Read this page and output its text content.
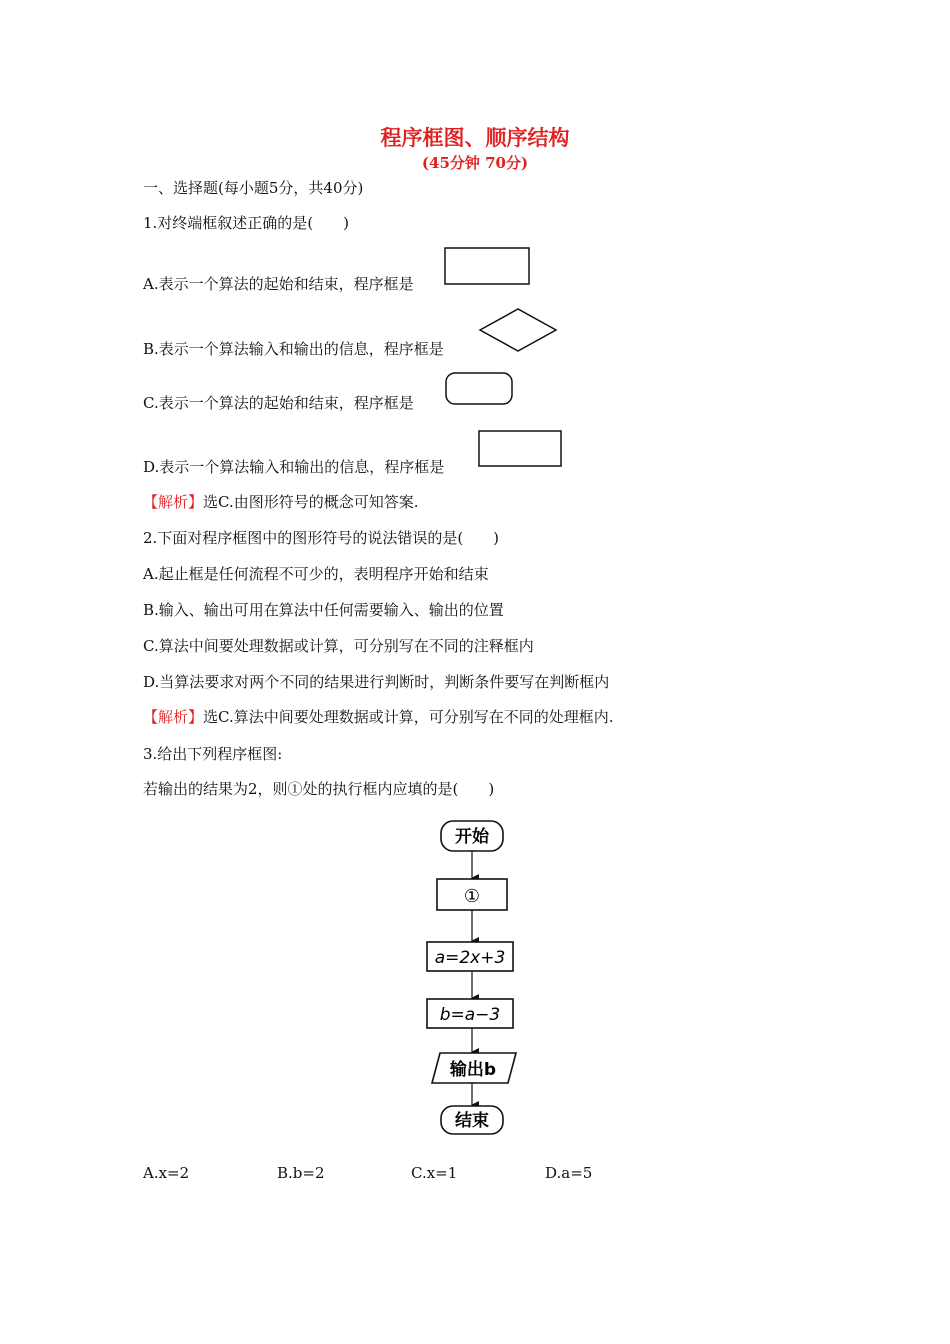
程序框图、顺序结构
(45分钟 70分)
一、选择题(每小题5分，共40分)
1.对终端框叙述正确的是(　　)
A.表示一个算法的起始和结束，程序框是
B.表示一个算法输入和输出的信息，程序框是
C.表示一个算法的起始和结束，程序框是
D.表示一个算法输入和输出的信息，程序框是
【解析】选C.由图形符号的概念可知答案.
2.下面对程序框图中的图形符号的说法错误的是(　　)
A.起止框是任何流程不可少的，表明程序开始和结束
B.输入、输出可用在算法中任何需要输入、输出的位置
C.算法中间要处理数据或计算，可分别写在不同的注释框内
D.当算法要求对两个不同的结果进行判断时，判断条件要写在判断框内
【解析】选C.算法中间要处理数据或计算，可分别写在不同的处理框内.
3.给出下列程序框图:
若输出的结果为2，则①处的执行框内应填的是(　　)
开始
①
a=2x+3
b=a−3
输出b
结束
A.x=2	B.b=2	C.x=1	D.a=5
